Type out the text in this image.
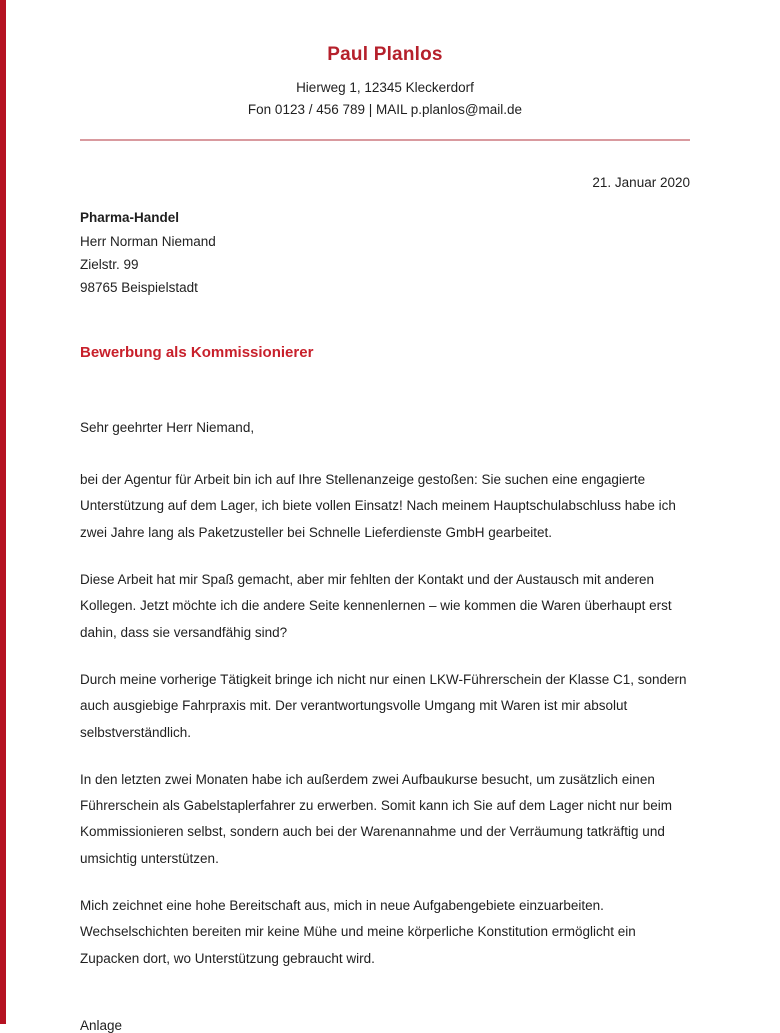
Paul Planlos
Hierweg 1, 12345 Kleckerdorf
Fon 0123 / 456 789 | MAIL p.planlos@mail.de
21. Januar 2020
Pharma-Handel
Herr Norman Niemand
Zielstr. 99
98765 Beispielstadt
Bewerbung als Kommissionierer

Sehr geehrter Herr Niemand,

bei der Agentur für Arbeit bin ich auf Ihre Stellenanzeige gestoßen: Sie suchen eine engagierte Unterstützung auf dem Lager, ich biete vollen Einsatz! Nach meinem Hauptschulabschluss habe ich zwei Jahre lang als Paketzusteller bei Schnelle Lieferdienste GmbH gearbeitet.

Diese Arbeit hat mir Spaß gemacht, aber mir fehlten der Kontakt und der Austausch mit anderen Kollegen. Jetzt möchte ich die andere Seite kennenlernen – wie kommen die Waren überhaupt erst dahin, dass sie versandfähig sind?

Durch meine vorherige Tätigkeit bringe ich nicht nur einen LKW-Führerschein der Klasse C1, sondern auch ausgiebige Fahrpraxis mit. Der verantwortungsvolle Umgang mit Waren ist mir absolut selbstverständlich.

In den letzten zwei Monaten habe ich außerdem zwei Aufbaukurse besucht, um zusätzlich einen Führerschein als Gabelstaplerfahrer zu erwerben. Somit kann ich Sie auf dem Lager nicht nur beim Kommissionieren selbst, sondern auch bei der Warenannahme und der Verräumung tatkräftig und umsichtig unterstützen.

Mich zeichnet eine hohe Bereitschaft aus, mich in neue Aufgabengebiete einzuarbeiten. Wechselschichten bereiten mir keine Mühe und meine körperliche Konstitution ermöglicht ein Zupacken dort, wo Unterstützung gebraucht wird.

Anlage
